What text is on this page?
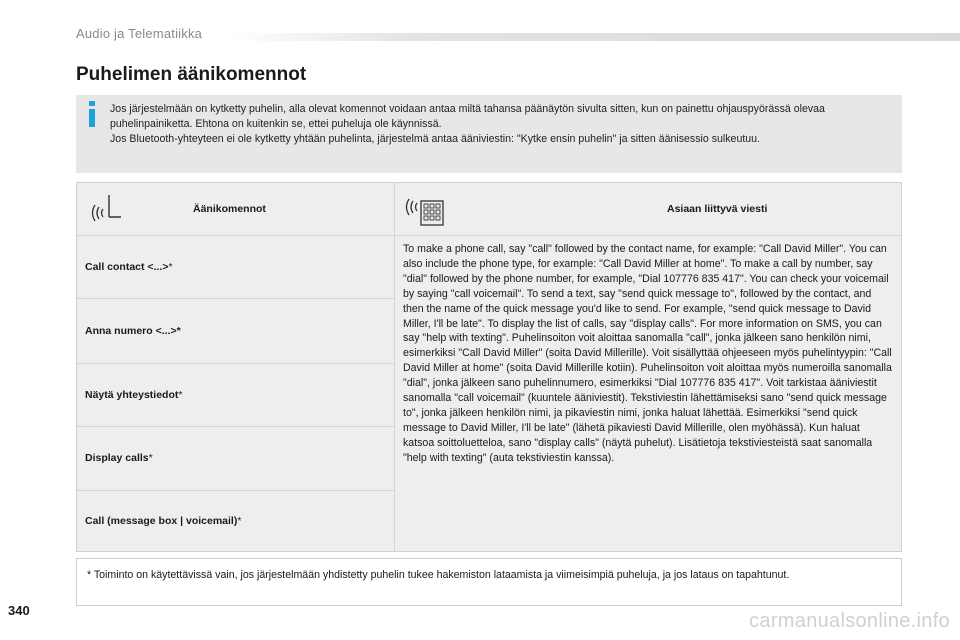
Audio ja Telematiikka
Puhelimen äänikomennot
Jos järjestelmään on kytketty puhelin, alla olevat komennot voidaan antaa miltä tahansa päänäytön sivulta sitten, kun on painettu ohjauspyörässä olevaa puhelinpainiketta. Ehtona on kuitenkin se, ettei puheluja ole käynnissä.
Jos Bluetooth-yhteyteen ei ole kytketty yhtään puhelinta, järjestelmä antaa ääniviestin: "Kytke ensin puhelin" ja sitten äänisessio sulkeutuu.
Äänikomennot	Asiaan liittyvä viesti
Call contact <...> *
Anna numero <...> *
Näytä yhteystiedot *
Display calls *
Call (message box | voicemail) *
To make a phone call, say "call" followed by the contact name, for example: "Call David Miller". You can also include the phone type, for example: "Call David Miller at home". To make a call by number, say "dial" followed by the phone number, for example, "Dial 107776 835 417". You can check your voicemail by saying "call voicemail". To send a text, say "send quick message to", followed by the contact, and then the name of the quick message you'd like to send. For example, "send quick message to David Miller, I'll be late". To display the list of calls, say "display calls". For more information on SMS, you can say "help with texting". Puhelinsoiton voit aloittaa sanomalla "call", jonka jälkeen sano henkilön nimi, esimerkiksi "Call David Miller" (soita David Millerille). Voit sisällyttää ohjeeseen myös puhelintyypin: "Call David Miller at home" (soita David Millerille kotiin). Puhelinsoiton voit aloittaa myös numeroilla sanomalla "dial", jonka jälkeen sano puhelinnumero, esimerkiksi "Dial 107776 835 417". Voit tarkistaa ääniviestit sanomalla "call voicemail" (kuuntele ääniviestit). Tekstiviestin lähettämiseksi sano "send quick message to", jonka jälkeen henkilön nimi, ja pikaviestin nimi, jonka haluat lähettää. Esimerkiksi "send quick message to David Miller, I'll be late" (lähetä pikaviesti David Millerille, olen myöhässä). Kun haluat katsoa soittoluetteloa, sano "display calls" (näytä puhelut). Lisätietoja tekstiviesteistä saat sanomalla "help with texting" (auta tekstiviestin kanssa).
* Toiminto on käytettävissä vain, jos järjestelmään yhdistetty puhelin tukee hakemiston lataamista ja viimeisimpiä puheluja, ja jos lataus on tapahtunut.
340	carmanualsonline.info
